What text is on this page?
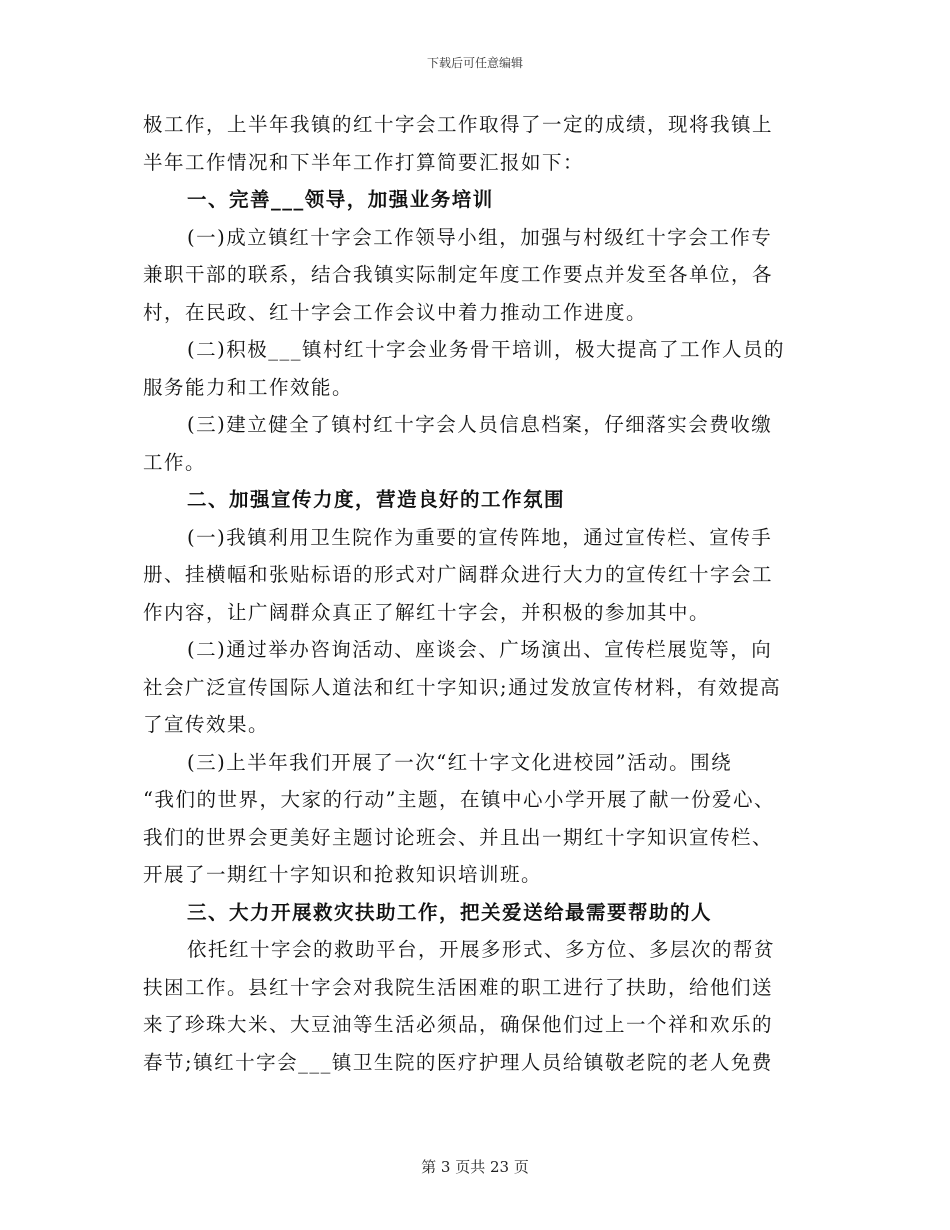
下载后可任意编辑
极工作，上半年我镇的红十字会工作取得了一定的成绩，现将我镇上
半年工作情况和下半年工作打算简要汇报如下：
一、完善___领导，加强业务培训
(一)成立镇红十字会工作领导小组，加强与村级红十字会工作专
兼职干部的联系，结合我镇实际制定年度工作要点并发至各单位，各
村，在民政、红十字会工作会议中着力推动工作进度。
(二)积极___镇村红十字会业务骨干培训，极大提高了工作人员的
服务能力和工作效能。
(三)建立健全了镇村红十字会人员信息档案，仔细落实会费收缴
工作。
二、加强宣传力度，营造良好的工作氛围
(一)我镇利用卫生院作为重要的宣传阵地，通过宣传栏、宣传手
册、挂横幅和张贴标语的形式对广阔群众进行大力的宣传红十字会工
作内容，让广阔群众真正了解红十字会，并积极的参加其中。
(二)通过举办咨询活动、座谈会、广场演出、宣传栏展览等，向
社会广泛宣传国际人道法和红十字知识;通过发放宣传材料，有效提高
了宣传效果。
(三)上半年我们开展了一次“红十字文化进校园”活动。围绕
“我们的世界，大家的行动”主题，在镇中心小学开展了献一份爱心、
我们的世界会更美好主题讨论班会、并且出一期红十字知识宣传栏、
开展了一期红十字知识和抢救知识培训班。
三、大力开展救灾扶助工作，把关爱送给最需要帮助的人
依托红十字会的救助平台，开展多形式、多方位、多层次的帮贫
扶困工作。县红十字会对我院生活困难的职工进行了扶助，给他们送
来了珍珠大米、大豆油等生活必须品，确保他们过上一个祥和欢乐的
春节;镇红十字会___镇卫生院的医疗护理人员给镇敬老院的老人免费
第 3 页共 23 页
